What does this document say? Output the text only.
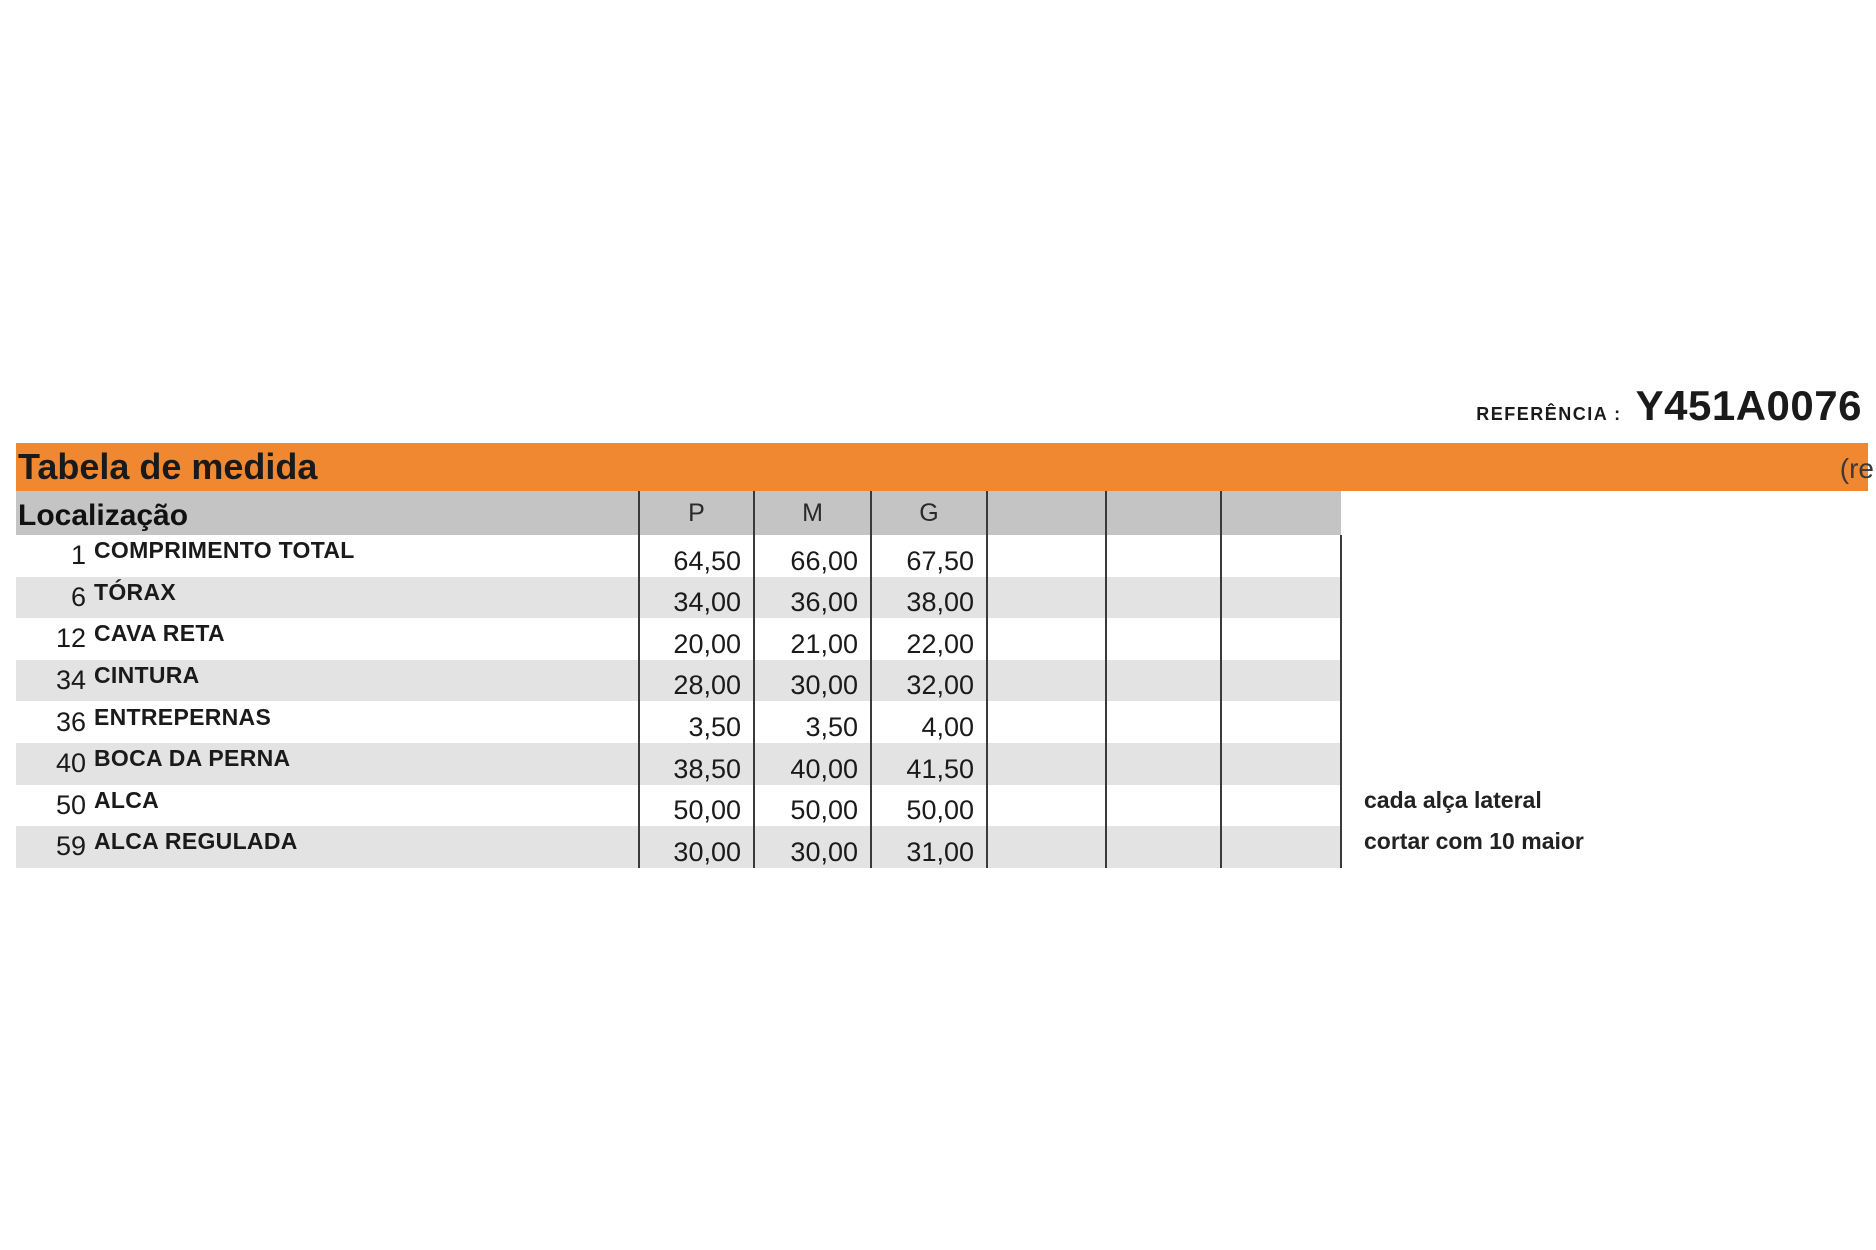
REFERÊNCIA : Y451A0076
Tabela de medida	(re
Localização	P	M	G			
1 COMPRIMENTO TOTAL	64,50	66,00	67,50			
6 TÓRAX	34,00	36,00	38,00			
12 CAVA RETA	20,00	21,00	22,00			
34 CINTURA	28,00	30,00	32,00			
36 ENTREPERNAS	3,50	3,50	4,00			
40 BOCA DA PERNA	38,50	40,00	41,50			
50 ALCA	50,00	50,00	50,00			
59 ALCA REGULADA	30,00	30,00	31,00			
cada alça lateral
cortar com 10 maior
